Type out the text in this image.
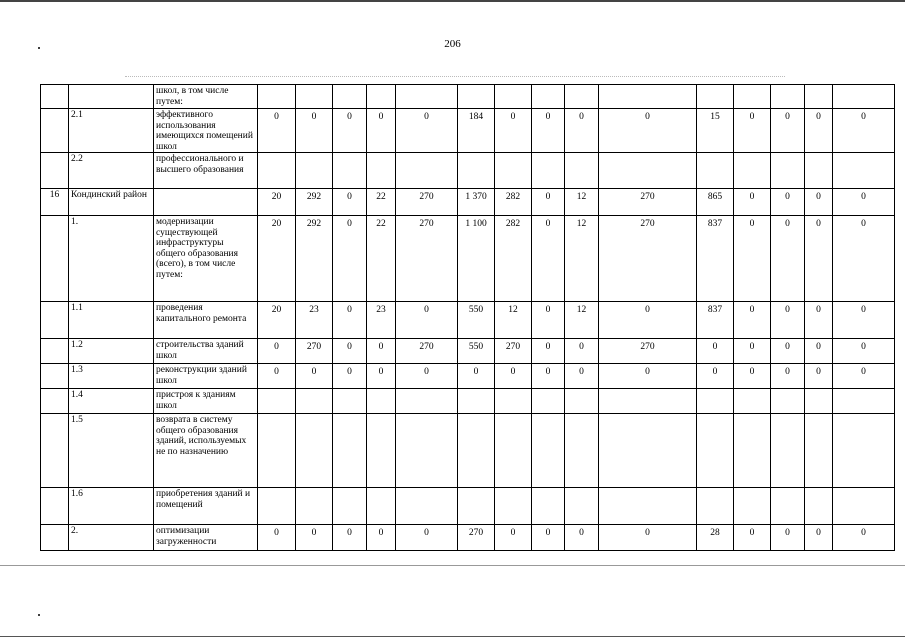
206
		школ, в том числе путем:															
	2.1	эффективного использования имеющихся помещений школ	0	0	0	0	0	184	0	0	0	0	15	0	0	0	0
	2.2	профессионального и высшего образования															
16	Кондинский район		20	292	0	22	270	1 370	282	0	12	270	865	0	0	0	0
	1.	модернизации существующей инфраструктуры общего образования (всего), в том числе путем:	20	292	0	22	270	1 100	282	0	12	270	837	0	0	0	0
	1.1	проведения капитального ремонта	20	23	0	23	0	550	12	0	12	0	837	0	0	0	0
	1.2	строительства зданий школ	0	270	0	0	270	550	270	0	0	270	0	0	0	0	0
	1.3	реконструкции зданий школ	0	0	0	0	0	0	0	0	0	0	0	0	0	0	0
	1.4	пристроя к зданиям школ															
	1.5	возврата в систему общего образования зданий, используемых не по назначению															
	1.6	приобретения зданий и помещений															
	2.	оптимизации загруженности	0	0	0	0	0	270	0	0	0	0	28	0	0	0	0
